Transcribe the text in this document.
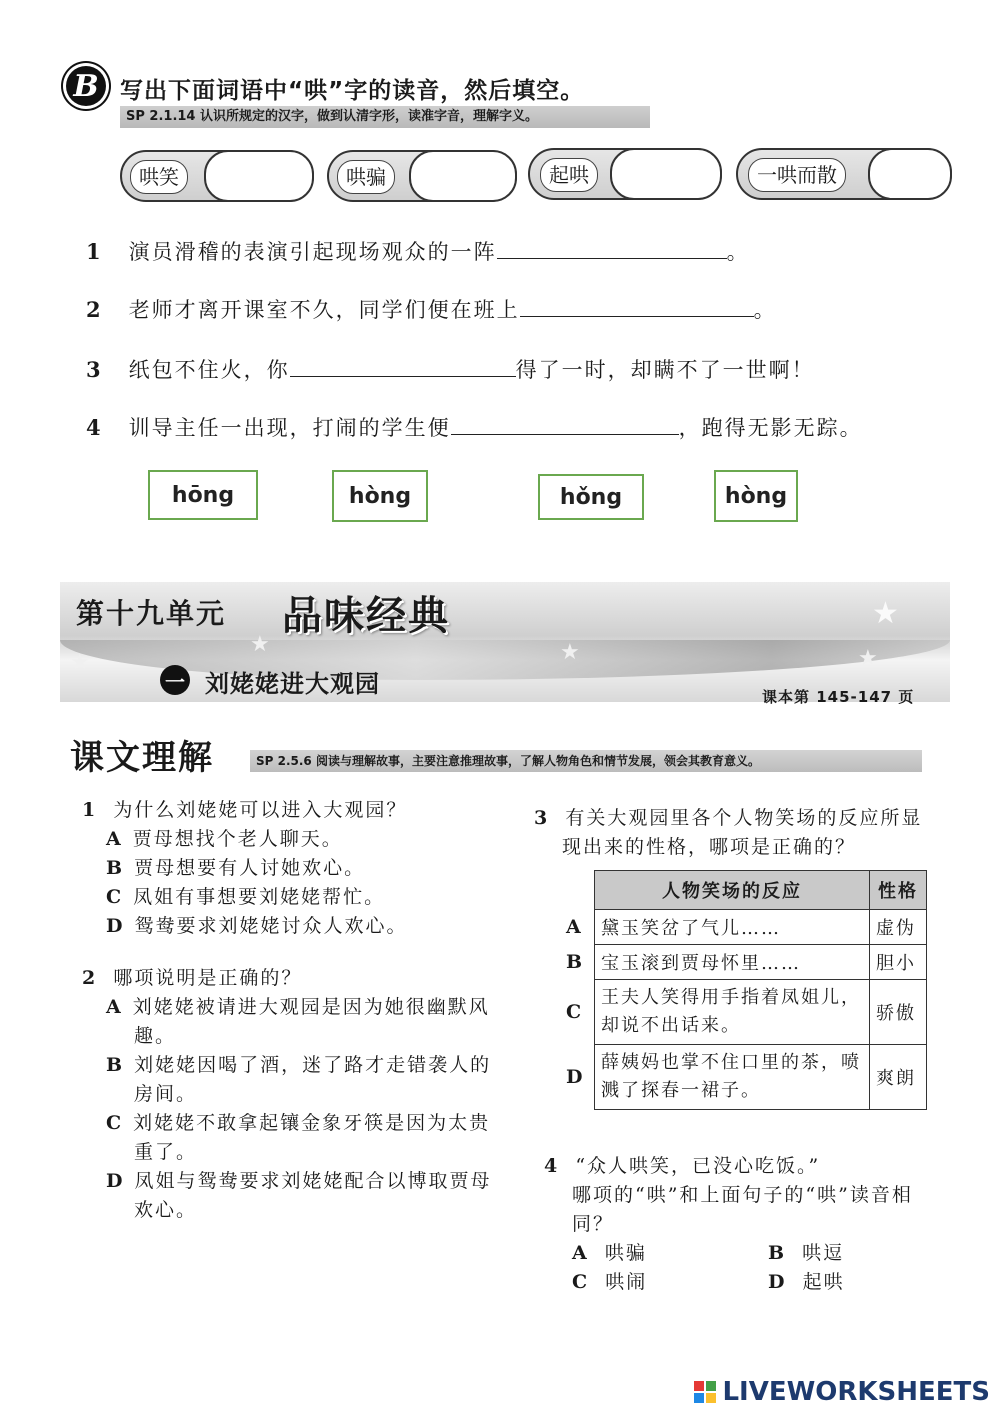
B 写出下面词语中“哄”字的读音，然后填空。
SP 2.1.14 认识所规定的汉字，做到认清字形，读准字音，理解字义。
哄笑	哄骗	起哄	一哄而散
1 演员滑稽的表演引起现场观众的一阵	。
2 老师才离开课室不久，同学们便在班上	。
3 纸包不住火，你	得了一时，却瞒不了一世啊！
4 训导主任一出现，打闹的学生便	，跑得无影无踪。
hōng	hòng	hǒng	hòng
★	★	★
★
★
第十九单元 品味经典
一 刘姥姥进大观园	课本第 145-147 页
课文理解	SP 2.5.6 阅读与理解故事，主要注意推理故事，了解人物角色和情节发展，领会其教育意义。
1 为什么刘姥姥可以进入大观园？
A 贾母想找个老人聊天。
B 贾母想要有人讨她欢心。
C 凤姐有事想要刘姥姥帮忙。
D 鸳鸯要求刘姥姥讨众人欢心。
2 哪项说明是正确的？
A 刘姥姥被请进大观园是因为她很幽默风趣。
B 刘姥姥因喝了酒，迷了路才走错袭人的房间。
C 刘姥姥不敢拿起镶金象牙筷是因为太贵重了。
D 凤姐与鸳鸯要求刘姥姥配合以博取贾母欢心。
3 有关大观园里各个人物笑场的反应所显现出来的性格，哪项是正确的？
	人物笑场的反应	性格
A	黛玉笑岔了气儿……	虚伪
B	宝玉滚到贾母怀里……	胆小
C	王夫人笑得用手指着凤姐儿，却说不出话来。	骄傲
D	薛姨妈也掌不住口里的茶，喷溅了探春一裙子。	爽朗
4 “众人哄笑，已没心吃饭。”
哪项的“哄”和上面句子的“哄”读音相同？
A 哄骗	B 哄逗
C 哄闹	D 起哄
LIVEWORKSHEETS
